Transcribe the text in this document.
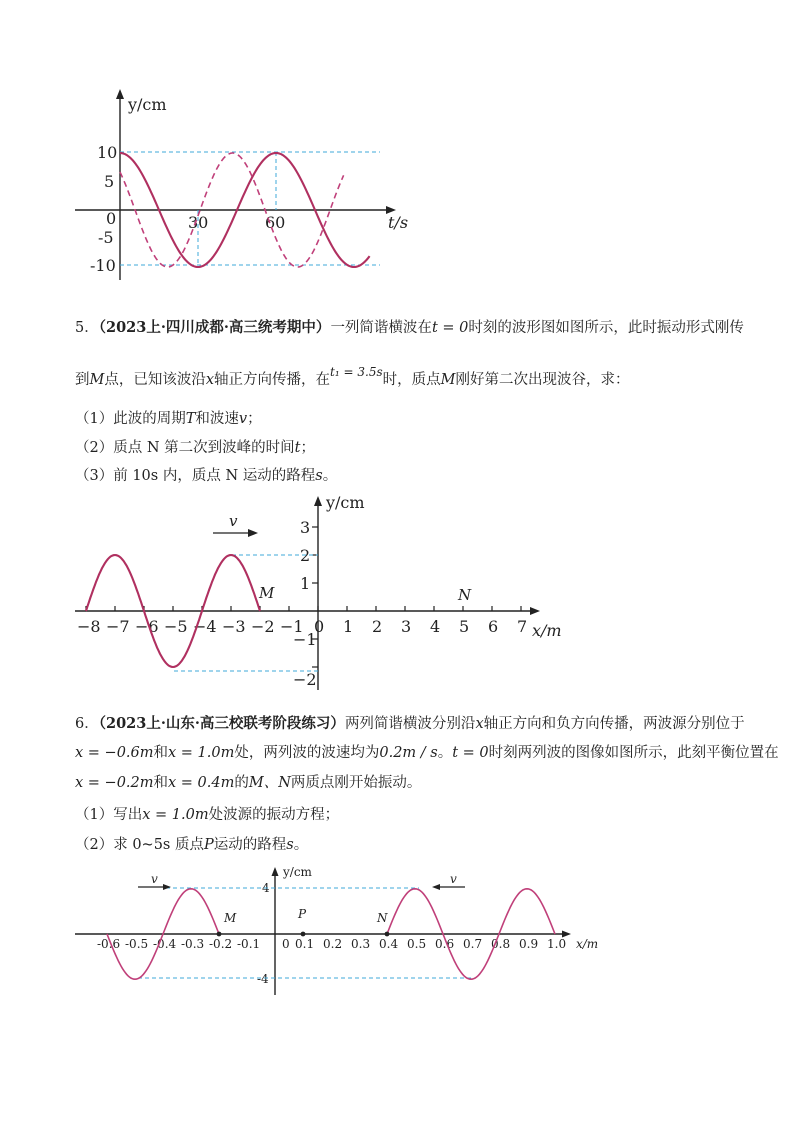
y/cm
t/s
10
5
0
-5
-10
30	60
5．（2023上·四川成都·高三统考期中）一列简谐横波在t = 0时刻的波形图如图所示，此时振动形式刚传
到M点，已知该波沿x轴正方向传播，在$^{t_1 = 3.5s}$时，质点M刚好第二次出现波谷，求：
（1）此波的周期T和波速v；
（2）质点 N 第二次到波峰的时间t；
（3）前 10s 内，质点 N 运动的路程s。
y/cm
x/m
−8 −7 −6 −5 −4 −3 −2 −1 0 1 2 3 4 5 6 7
3
2
1
−1
−2
v
M	N
6．（2023上·山东·高三校联考阶段练习）两列简谐横波分别沿x轴正方向和负方向传播，两波源分别位于
x = −0.6m和x = 1.0m处，两列波的波速均为0.2m / s。t = 0时刻两列波的图像如图所示，此刻平衡位置在
x = −0.2m和x = 0.4m的M、N两质点刚开始振动。
（1）写出x = 1.0m处波源的振动方程；
（2）求 0~5s 质点P运动的路程s。
y/cm
x/m
4
-4
-0.6 -0.5 -0.4 -0.3 -0.2 -0.1 0 0.1 0.2 0.3 0.4 0.5 0.6 0.7 0.8 0.9 1.0
v	v
M	P	N
